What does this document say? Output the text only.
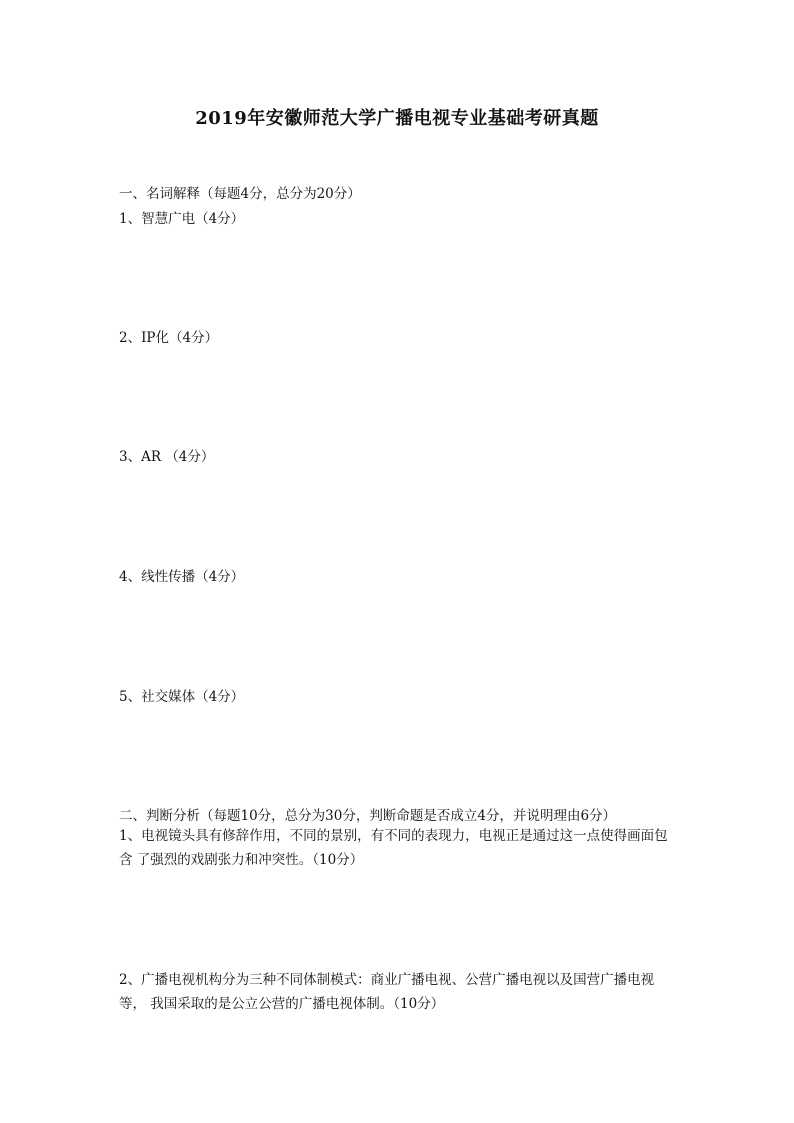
2019年安徽师范大学广播电视专业基础考研真题
一、名词解释（每题4分，总分为20分）
1、智慧广电（4分）
2、IP化（4分）
3、AR （4分）
4、线性传播（4分）
5、社交媒体（4分）
二、判断分析（每题10分，总分为30分，判断命题是否成立4分，并说明理由6分）
1、电视镜头具有修辞作用，不同的景别，有不同的表现力，电视正是通过这一点使得画面包含 了强烈的戏剧张力和冲突性。（10分）
2、广播电视机构分为三种不同体制模式：商业广播电视、公营广播电视以及国营广播电视等， 我国采取的是公立公营的广播电视体制。（10分）
